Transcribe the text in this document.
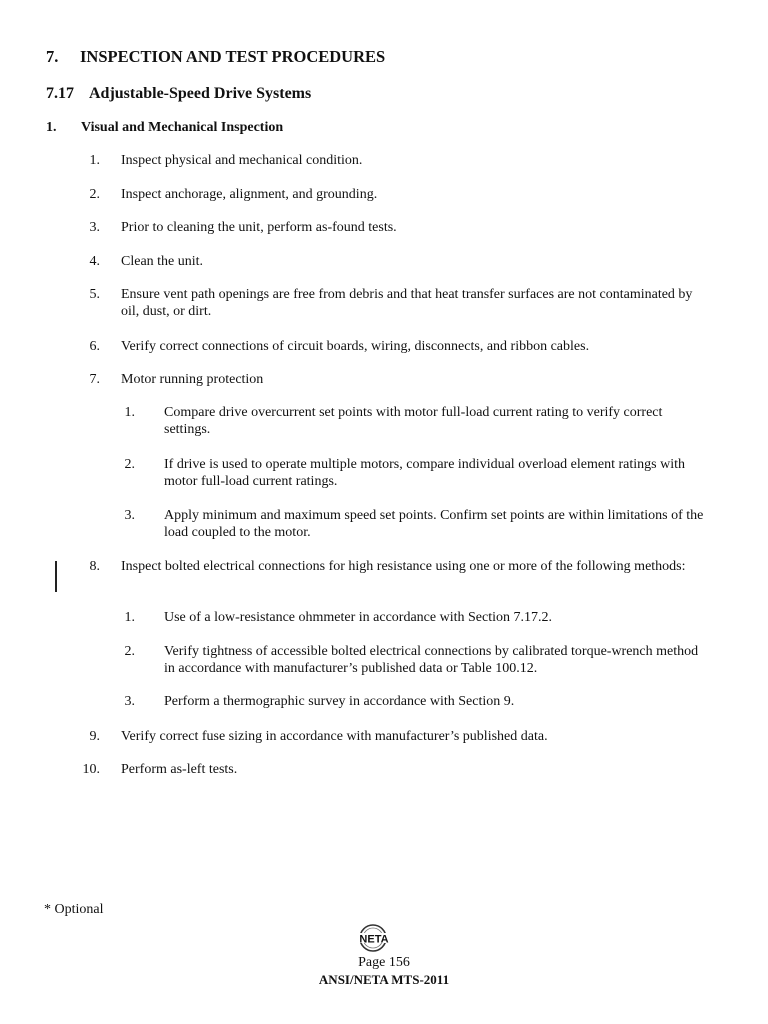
7. INSPECTION AND TEST PROCEDURES
7.17 Adjustable-Speed Drive Systems
1. Visual and Mechanical Inspection
1. Inspect physical and mechanical condition.
2. Inspect anchorage, alignment, and grounding.
3. Prior to cleaning the unit, perform as-found tests.
4. Clean the unit.
5. Ensure vent path openings are free from debris and that heat transfer surfaces are not contaminated by oil, dust, or dirt.
6. Verify correct connections of circuit boards, wiring, disconnects, and ribbon cables.
7. Motor running protection
1. Compare drive overcurrent set points with motor full-load current rating to verify correct settings.
2. If drive is used to operate multiple motors, compare individual overload element ratings with motor full-load current ratings.
3. Apply minimum and maximum speed set points. Confirm set points are within limitations of the load coupled to the motor.
8. Inspect bolted electrical connections for high resistance using one or more of the following methods:
1. Use of a low-resistance ohmmeter in accordance with Section 7.17.2.
2. Verify tightness of accessible bolted electrical connections by calibrated torque-wrench method in accordance with manufacturer’s published data or Table 100.12.
3. Perform a thermographic survey in accordance with Section 9.
9. Verify correct fuse sizing in accordance with manufacturer’s published data.
10. Perform as-left tests.
* Optional
NETA
Page 156
ANSI/NETA MTS-2011
